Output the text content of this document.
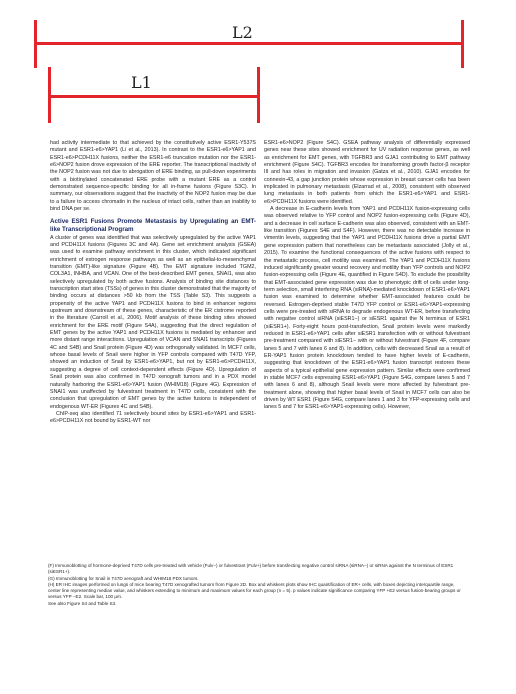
L2
L1

had activity intermediate to that achieved by the constitutively active ESR1-Y537S mutant and ESR1-e6>YAP1 (Li et al., 2013). In contrast to the ESR1-e6>YAP1 and ESR1-e6>PCDH11X fusions, neither the ESR1-e6 truncation mutation nor the ESR1-e6>NOP2 fusion drove expression of the ERE reporter. The transcriptional inactivity of the NOP2 fusion was not due to abrogation of ERE binding, as pull-down experiments with a biotinylated concatenated ERE probe with a mutant ERE as a control demonstrated sequence-specific binding for all in-frame fusions (Figure S3C). In summary, our observations suggest that the inactivity of the NOP2 fusion may be due to a failure to access chromatin in the nucleus of intact cells, rather than an inability to bind DNA per se.

Active ESR1 Fusions Promote Metastasis by Upregulating an EMT-like Transcriptional Program

A cluster of genes was identified that was selectively upregulated by the active YAP1 and PCDH11X fusions (Figures 3C and 4A). Gene set enrichment analysis (GSEA) was used to examine pathway enrichment in this cluster, which indicated significant enrichment of estrogen response pathways as well as an epithelial-to-mesenchymal transition (EMT)-like signature (Figure 4B). The EMT signature included TGM2, COL3A1, INHBA, and VCAN. One of the best-described EMT genes, SNAI1, was also selectively upregulated by both active fusions. Analysis of binding site distances to transcription start sites (TSSs) of genes in this cluster demonstrated that the majority of binding occurs at distances >50 kb from the TSS (Table S3). This suggests a propensity of the active YAP1 and PCDH11X fusions to bind in enhancer regions upstream and downstream of these genes, characteristic of the ER cistrome reported in the literature (Carroll et al., 2006). Motif analysis of these binding sites showed enrichment for the ERE motif (Figure S4A), suggesting that the direct regulation of EMT genes by the active YAP1 and PCDH11X fusions is mediated by enhancer and more distant range interactions. Upregulation of VCAN and SNAI1 transcripts (Figures 4C and S4B) and Snail protein (Figure 4D) was orthogonally validated. In MCF7 cells, whose basal levels of Snail were higher in YFP controls compared with T47D YFP, showed an induction of Snail by ESR1-e6>YAP1, but not by ESR1-e6>PCDH11X, suggesting a degree of cell context-dependent effects (Figure 4D). Upregulation of Snail protein was also confirmed in T47D xenograft tumors and in a PDX model naturally harboring the ESR1-e6>YAP1 fusion (WHIM18) (Figure 4G). Expression of SNAI1 was unaffected by fulvestrant treatment in T47D cells, consistent with the conclusion that upregulation of EMT genes by the active fusions is independent of endogenous WT-ER (Figures 4C and S4B).

ChIP-seq also identified 71 selectively bound sites by ESR1-e6>YAP1 and ESR1-e6>PCDH11X not bound by ESR1-WT nor

ESR1-e6>NOP2 (Figure S4C). GSEA pathway analysis of differentially expressed genes near these sites showed enrichment for UV radiation response genes, as well as enrichment for EMT genes, with TGFBR3 and GJA1 contributing to EMT pathway enrichment (Figure S4C). TGFBR3 encodes for transforming growth factor-β receptor III and has roles in migration and invasion (Gatza et al., 2010). GJA1 encodes for connexin-43, a gap junction protein whose expression in breast cancer cells has been implicated in pulmonary metastasis (Elzarrad et al., 2008), consistent with observed lung metastasis in both patients from which the ESR1-e6>YAP1 and ESR1-e6>PCDH11X fusions were identified.

A decrease in E-cadherin levels from YAP1 and PCDH11X fusion-expressing cells was observed relative to YFP control and NOP2 fusion-expressing cells (Figure 4D), and a decrease in cell surface E-cadherin was also observed, consistent with an EMT-like transition (Figures S4E and S4F). However, there was no detectable increase in vimentin levels, suggesting that the YAP1 and PCDH11X fusions drive a partial EMT gene expression pattern that nonetheless can be metastasis associated (Jolly et al., 2015). To examine the functional consequences of the active fusions with respect to the metastatic process, cell motility was examined. The YAP1 and PCDH11X fusions induced significantly greater wound recovery and motility than YFP controls and NOP2 fusion-expressing cells (Figure 4E, quantified in Figure S4D). To exclude the possibility that EMT-associated gene expression was due to phenotypic drift of cells under long-term selection, small interfering RNA (siRNA)-mediated knockdown of ESR1-e6>YAP1 fusion was examined to determine whether EMT-associated features could be reversed. Estrogen-deprived stable T47D YFP control or ESR1-e6>YAP1-expressing cells were pre-treated with siRNA to degrade endogenous WT-ER, before transfecting with negative control siRNA (siESR1−) or siESR1 against the N terminus of ESR1 (siESR1+). Forty-eight hours post-transfection, Snail protein levels were markedly reduced in ESR1-e6>YAP1 cells after siESR1 transfection with or without fulvestrant pre-treatment compared with siESR1− with or without fulvestrant (Figure 4F, compare lanes 5 and 7 with lanes 6 and 8). In addition, cells with decreased Snail as a result of ER-YAP1 fusion protein knockdown tended to have higher levels of E-cadherin, suggesting that knockdown of the ESR1-e6>YAP1 fusion transcript restores these aspects of a typical epithelial gene expression pattern. Similar effects were confirmed in stable MCF7 cells expressing ESR1-e6>YAP1 (Figure S4G, compare lanes 5 and 7 with lanes 6 and 8), although Snail levels were more affected by fulvestrant pre-treatment alone, showing that higher basal levels of Snail in MCF7 cells can also be driven by WT ESR1 (Figure S4G, compare lanes 1 and 3 for YFP-expressing cells and lanes 5 and 7 for ESR1-e6>YAP1-expressing cells). However,

(F) Immunoblotting of hormone-deprived T47D cells pre-treated with vehicle (Fulv−) or fulvestrant (Fulv+) before transfecting negative control siRNA (siRNA−) or siRNA against the N terminus of ESR1 (siESR1+).
(G) Immunoblotting for Snail in T47D xenograft and WHIM18 PDX tumors.
(H) ER IHC images performed on lungs of mice bearing T47D xenografted tumors from Figure 2D. Box and whiskers plots show IHC quantification of ER+ cells, with boxes depicting interquartile range, center line representing median value, and whiskers extending to minimum and maximum values for each group (n = 5). p values indicate significance comparing YFP +E2 versus fusion-bearing groups or versus YFP −E2. Scale bar, 100 μm.
See also Figure S4 and Table S3.
